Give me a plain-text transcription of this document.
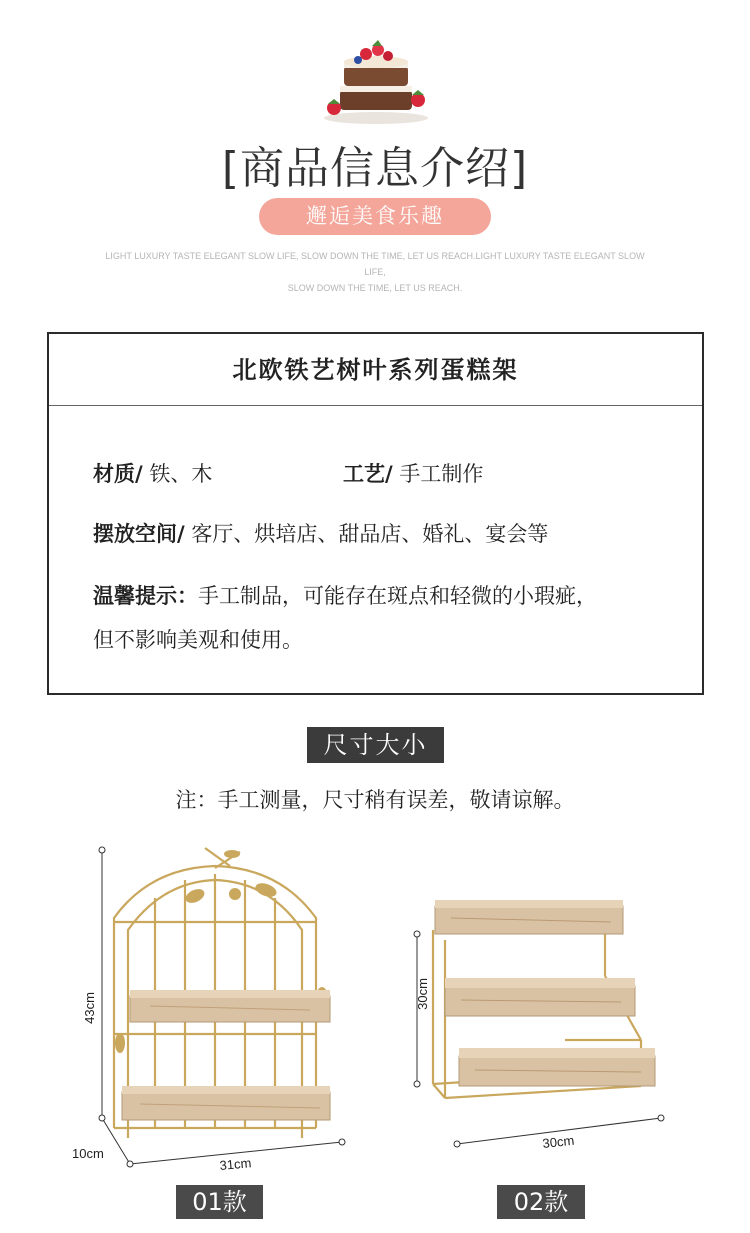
[商品信息介绍]
邂逅美食乐趣
LIGHT LUXURY TASTE ELEGANT SLOW LIFE, SLOW DOWN THE TIME, LET US REACH.LIGHT LUXURY TASTE ELEGANT SLOW LIFE,
SLOW DOWN THE TIME, LET US REACH.
北欧铁艺树叶系列蛋糕架
材质/ 铁、木	工艺/ 手工制作
摆放空间/ 客厅、烘培店、甜品店、婚礼、宴会等
温馨提示：手工制品，可能存在斑点和轻微的小瑕疵，
但不影响美观和使用。
尺寸大小
注：手工测量，尺寸稍有误差，敬请谅解。
43cm
10cm
31cm
30cm
30cm
01款	02款
